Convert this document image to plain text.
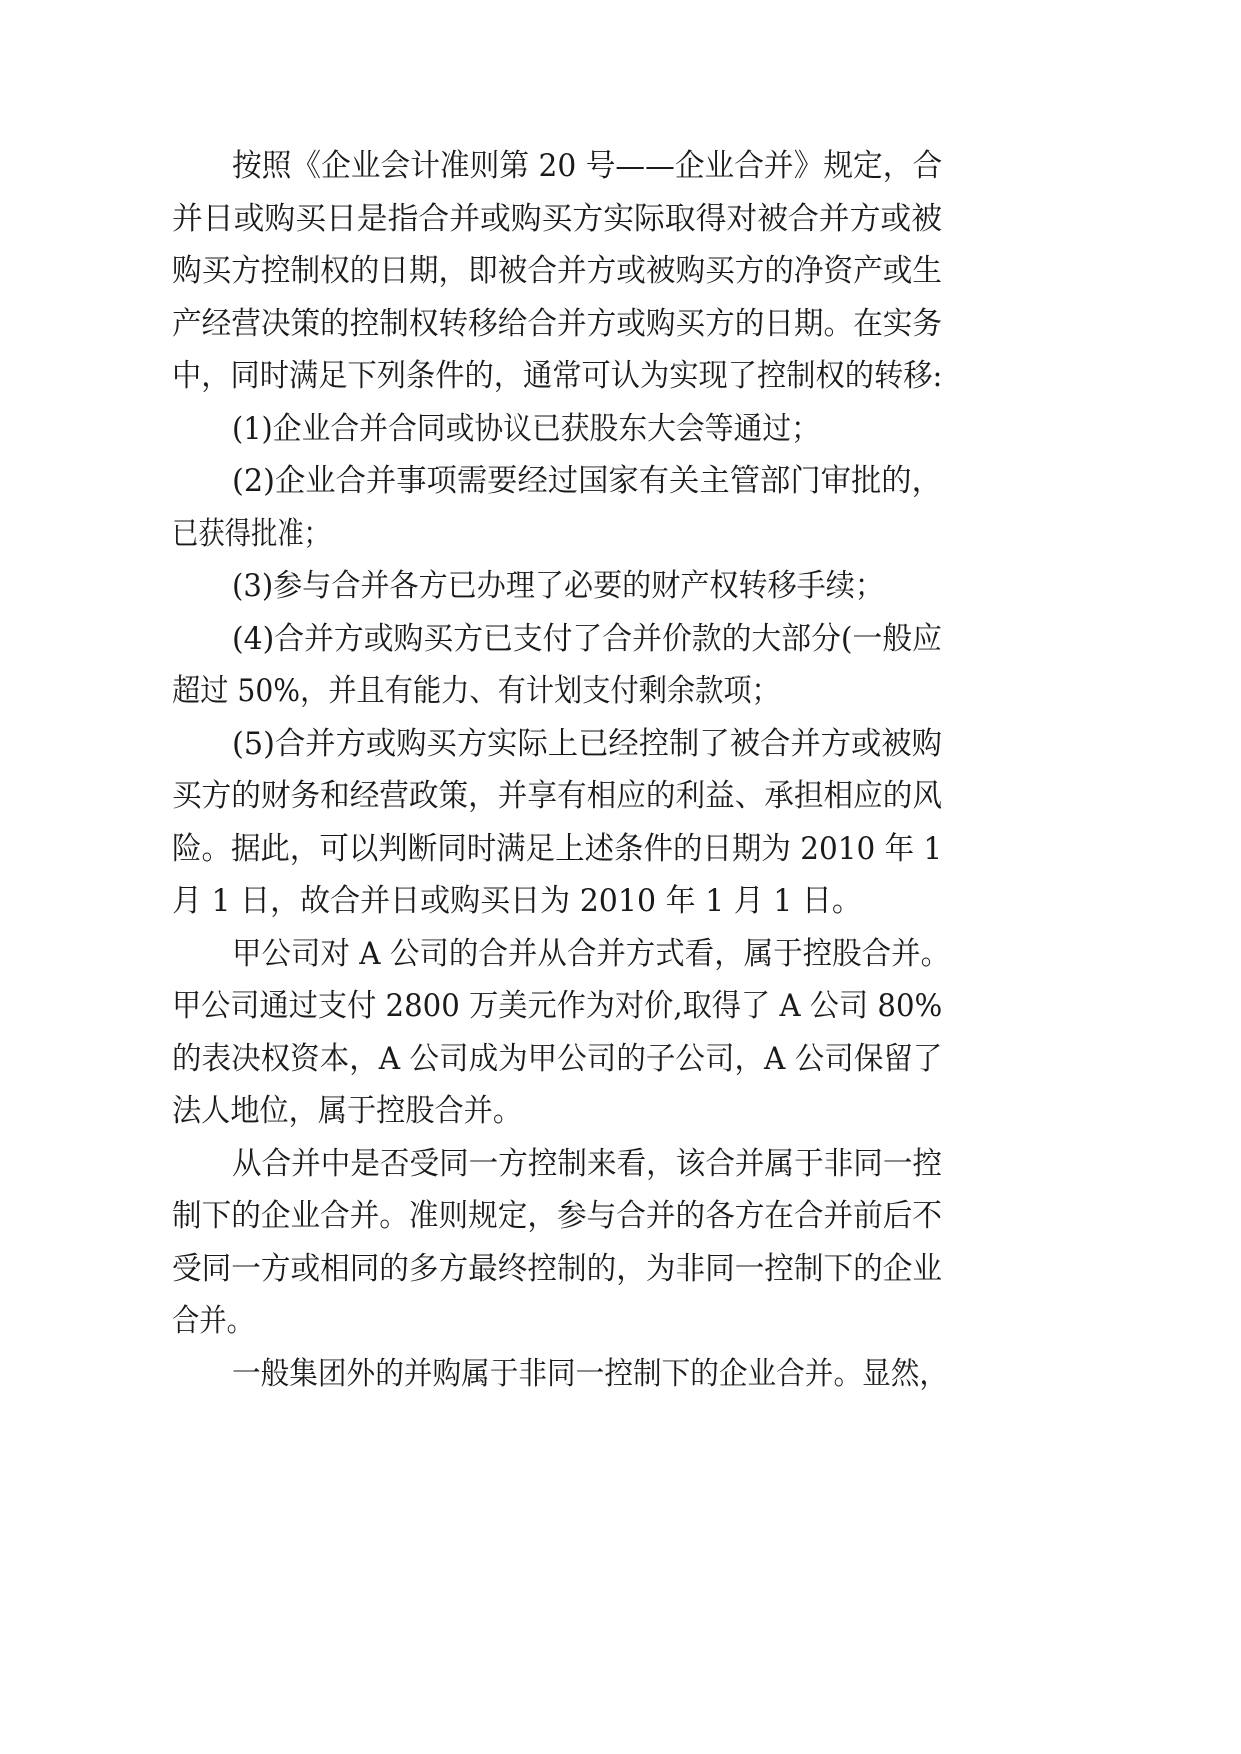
按照《企业会计准则第 20 号——企业合并》规定，合

并日或购买日是指合并或购买方实际取得对被合并方或被

购买方控制权的日期，即被合并方或被购买方的净资产或生

产经营决策的控制权转移给合并方或购买方的日期。在实务

中，同时满足下列条件的，通常可认为实现了控制权的转移:

(1)企业合并合同或协议已获股东大会等通过；

(2)企业合并事项需要经过国家有关主管部门审批的，

已获得批准；

(3)参与合并各方已办理了必要的财产权转移手续；

(4)合并方或购买方已支付了合并价款的大部分(一般应

超过 50%，并且有能力、有计划支付剩余款项；

(5)合并方或购买方实际上已经控制了被合并方或被购

买方的财务和经营政策，并享有相应的利益、承担相应的风

险。据此，可以判断同时满足上述条件的日期为 2010 年 1

月 1 日，故合并日或购买日为 2010 年 1 月 1 日。

甲公司对 A 公司的合并从合并方式看，属于控股合并。

甲公司通过支付 2800 万美元作为对价,取得了 A 公司 80%

的表决权资本，A 公司成为甲公司的子公司，A 公司保留了

法人地位，属于控股合并。

从合并中是否受同一方控制来看，该合并属于非同一控

制下的企业合并。准则规定，参与合并的各方在合并前后不

受同一方或相同的多方最终控制的，为非同一控制下的企业

合并。

一般集团外的并购属于非同一控制下的企业合并。显然，
